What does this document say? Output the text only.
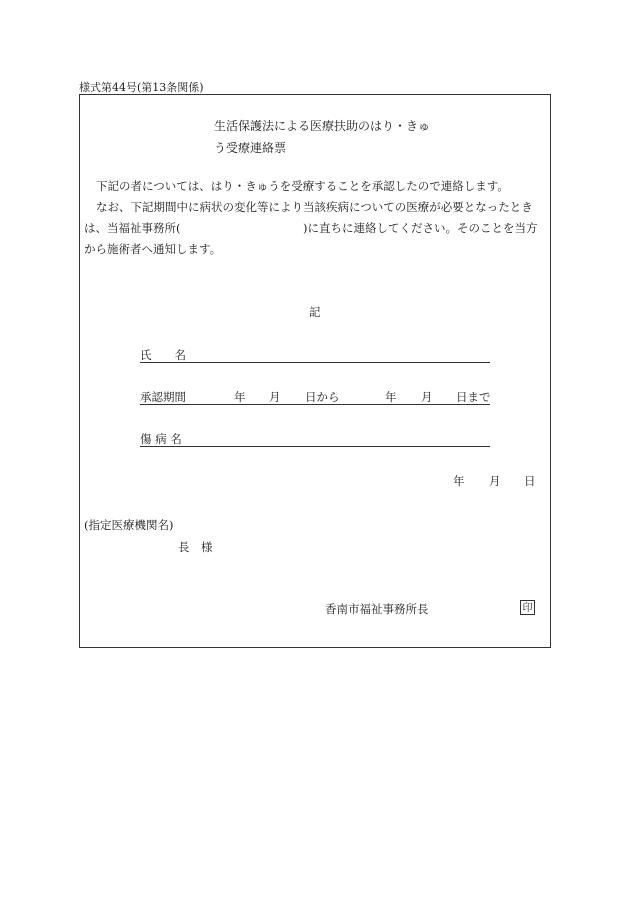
様式第44号(第13条関係)
生活保護法による医療扶助のはり・きゅ
う受療連絡票
下記の者については、はり・きゅうを受療することを承認したので連絡します。
なお、下記期間中に病状の変化等により当該疾病についての医療が必要となったとき
は、当福祉事務所(	)に直ちに連絡してください。そのことを当方
から施術者へ通知します。
記
氏　　名
承認期間	年 月 日から	年 月 日まで
傷 病 名
年 月 日
(指定医療機関名)
長　様
香南市福祉事務所長	印
